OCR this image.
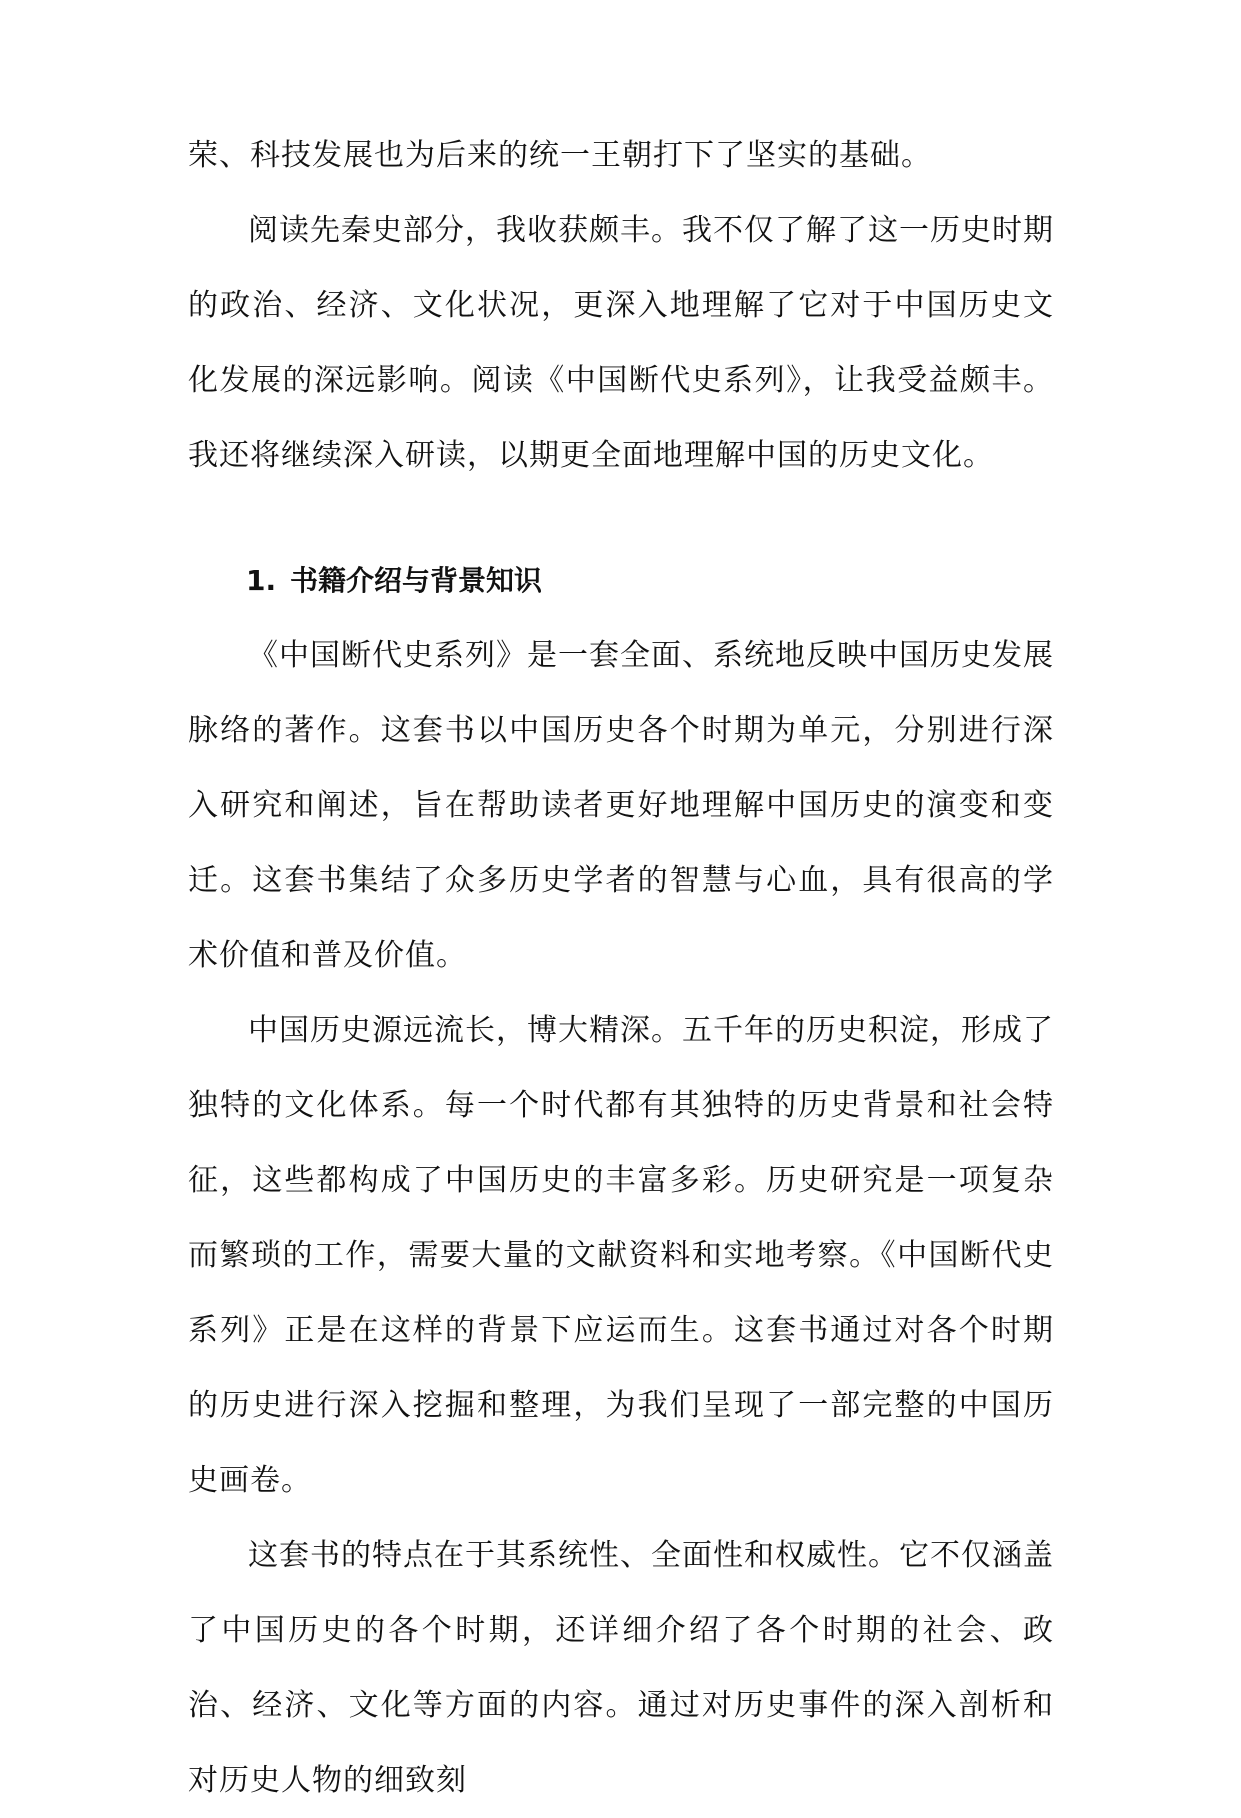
荣、科技发展也为后来的统一王朝打下了坚实的基础。

阅读先秦史部分，我收获颇丰。我不仅了解了这一历史时期的政治、经济、文化状况，更深入地理解了它对于中国历史文化发展的深远影响。阅读《中国断代史系列》，让我受益颇丰。我还将继续深入研读，以期更全面地理解中国的历史文化。

1. 书籍介绍与背景知识

《中国断代史系列》是一套全面、系统地反映中国历史发展脉络的著作。这套书以中国历史各个时期为单元，分别进行深入研究和阐述，旨在帮助读者更好地理解中国历史的演变和变迁。这套书集结了众多历史学者的智慧与心血，具有很高的学术价值和普及价值。

中国历史源远流长，博大精深。五千年的历史积淀，形成了独特的文化体系。每一个时代都有其独特的历史背景和社会特征，这些都构成了中国历史的丰富多彩。历史研究是一项复杂而繁琐的工作，需要大量的文献资料和实地考察。《中国断代史系列》正是在这样的背景下应运而生。这套书通过对各个时期的历史进行深入挖掘和整理，为我们呈现了一部完整的中国历史画卷。

这套书的特点在于其系统性、全面性和权威性。它不仅涵盖了中国历史的各个时期，还详细介绍了各个时期的社会、政治、经济、文化等方面的内容。通过对历史事件的深入剖析和对历史人物的细致刻
